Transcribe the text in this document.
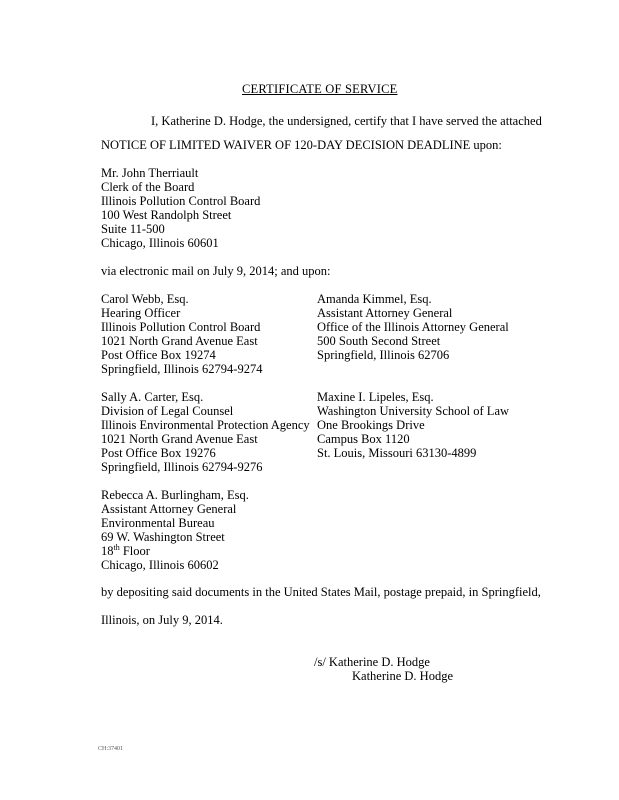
CERTIFICATE OF SERVICE
I, Katherine D. Hodge, the undersigned, certify that I have served the attached
NOTICE OF LIMITED WAIVER OF 120-DAY DECISION DEADLINE upon:
Mr. John Therriault
Clerk of the Board
Illinois Pollution Control Board
100 West Randolph Street
Suite 11-500
Chicago, Illinois 60601
via electronic mail on July 9, 2014; and upon:
Carol Webb, Esq.
Hearing Officer
Illinois Pollution Control Board
1021 North Grand Avenue East
Post Office Box 19274
Springfield, Illinois 62794-9274
Amanda Kimmel, Esq.
Assistant Attorney General
Office of the Illinois Attorney General
500 South Second Street
Springfield, Illinois 62706
Sally A. Carter, Esq.
Division of Legal Counsel
Illinois Environmental Protection Agency
1021 North Grand Avenue East
Post Office Box 19276
Springfield, Illinois 62794-9276
Maxine I. Lipeles, Esq.
Washington University School of Law
One Brookings Drive
Campus Box 1120
St. Louis, Missouri 63130-4899
Rebecca A. Burlingham, Esq.
Assistant Attorney General
Environmental Bureau
69 W. Washington Street
18th Floor
Chicago, Illinois 60602
by depositing said documents in the United States Mail, postage prepaid, in Springfield,
Illinois, on July 9, 2014.
/s/ Katherine D. Hodge
Katherine D. Hodge
CH:37401
